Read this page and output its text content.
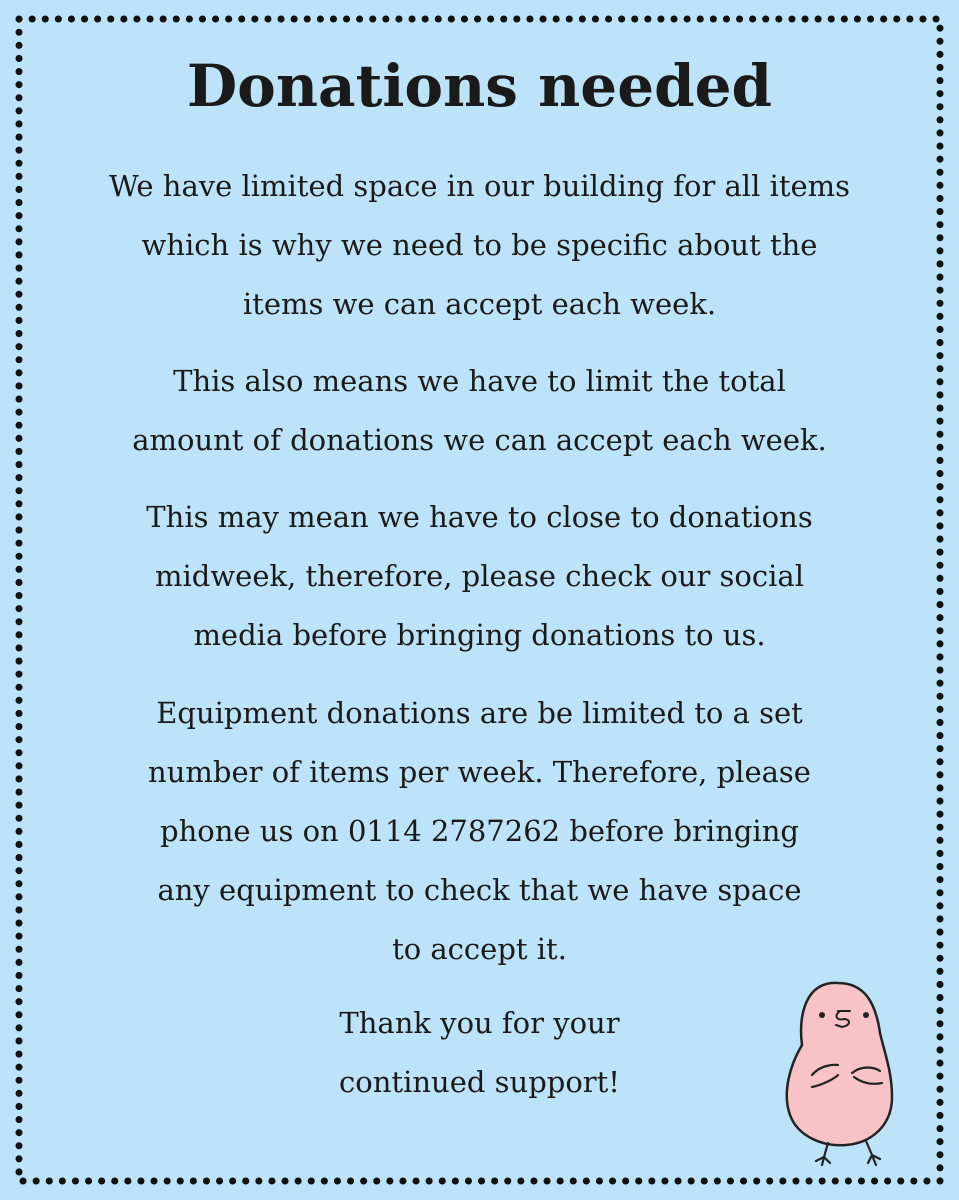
Donations needed

We have limited space in our building for all items
which is why we need to be specific about the
items we can accept each week.

This also means we have to limit the total
amount of donations we can accept each week.

This may mean we have to close to donations
midweek, therefore, please check our social
media before bringing donations to us.

Equipment donations are be limited to a set
number of items per week. Therefore, please
phone us on 0114 2787262 before bringing
any equipment to check that we have space
to accept it.

Thank you for your
continued support!
